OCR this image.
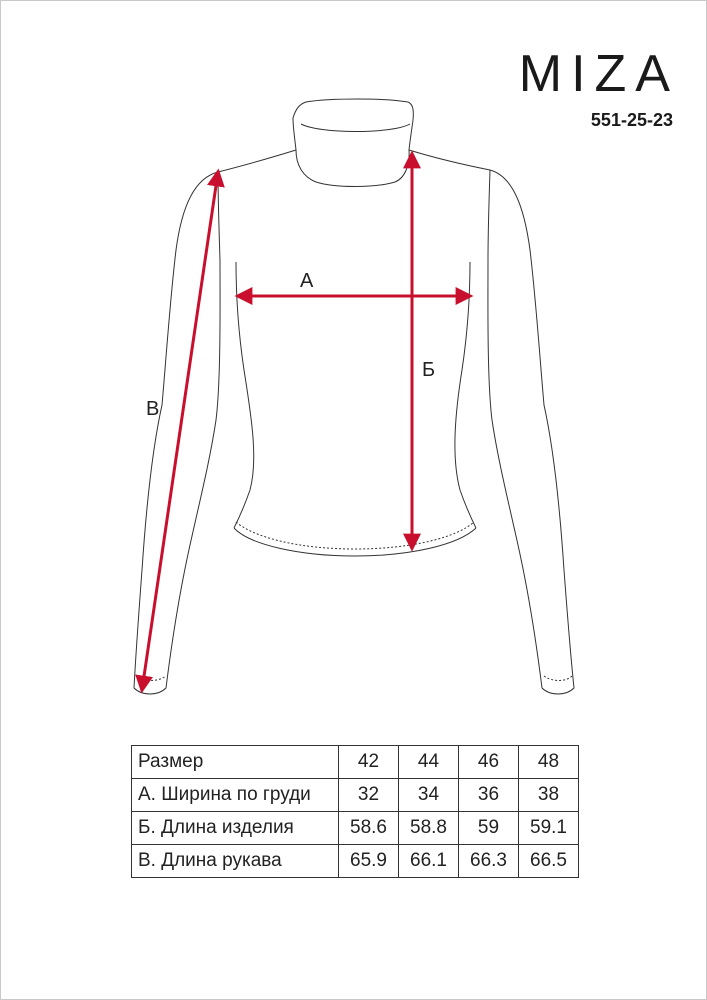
MIZA
551-25-23
А
Б
В
Размер	42	44	46	48
А. Ширина по груди	32	34	36	38
Б. Длина изделия	58.6	58.8	59	59.1
В. Длина рукава	65.9	66.1	66.3	66.5
